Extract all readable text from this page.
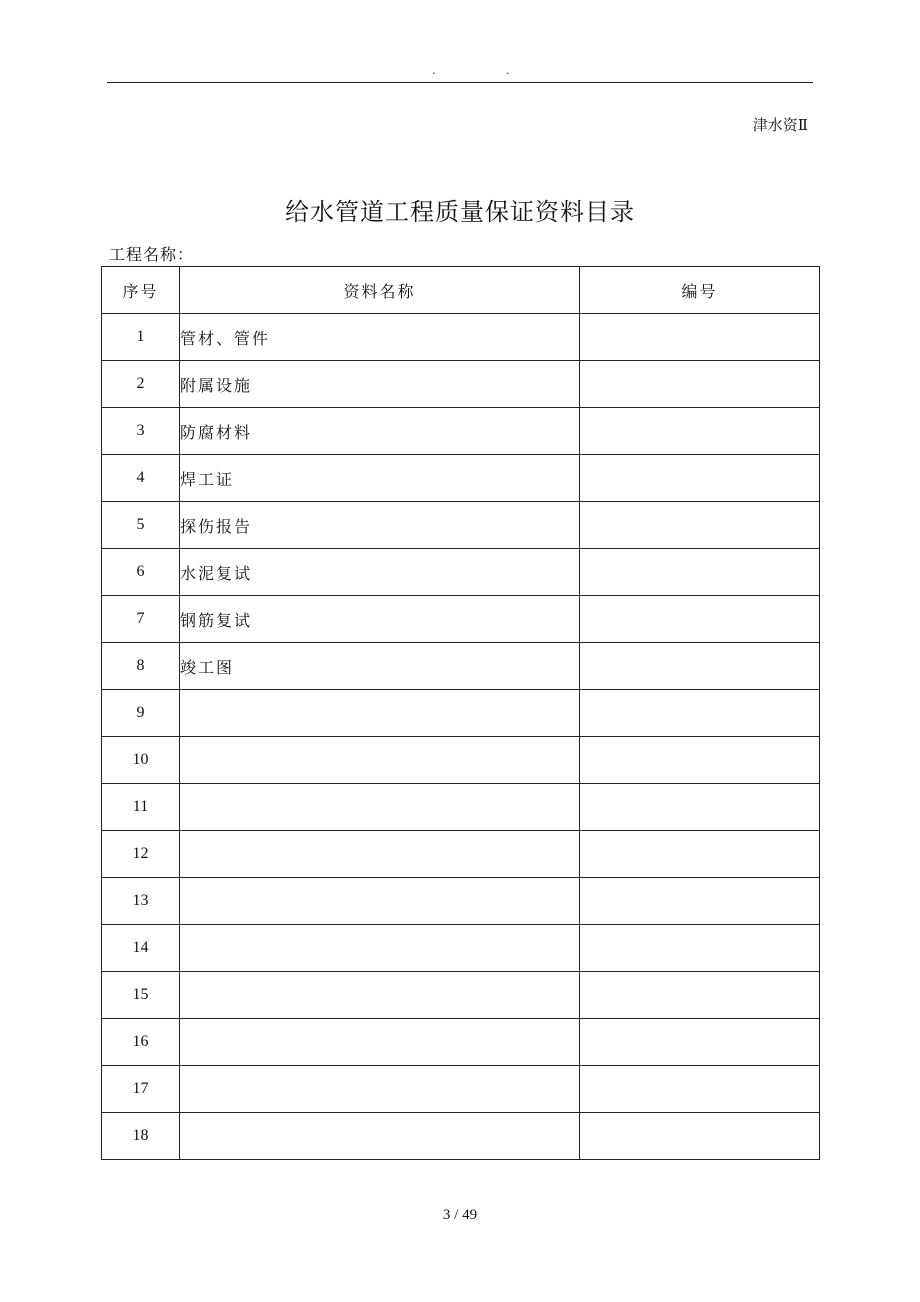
.	.
津水资Ⅱ
给水管道工程质量保证资料目录
工程名称：
序号	资料名称	编号
1	管材、管件	
2	附属设施	
3	防腐材料	
4	焊工证	
5	探伤报告	
6	水泥复试	
7	钢筋复试	
8	竣工图	
9		
10		
11		
12		
13		
14		
15		
16		
17		
18		
3 / 49
